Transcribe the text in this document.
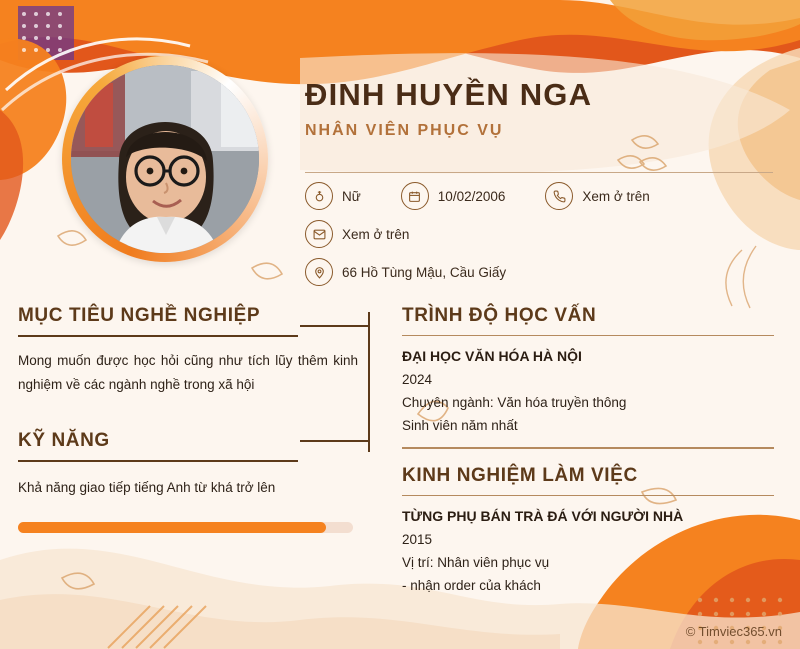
ĐINH HUYỀN NGA
NHÂN VIÊN PHỤC VỤ
Nữ	10/02/2006	Xem ở trên
Xem ở trên
66 Hồ Tùng Mậu, Cầu Giấy
MỤC TIÊU NGHỀ NGHIỆP

Mong muốn được học hỏi cũng như tích lũy thêm kinh nghiệm về các ngành nghề trong xã hội

KỸ NĂNG

Khả năng giao tiếp tiếng Anh từ khá trở lên

TRÌNH ĐỘ HỌC VẤN

ĐẠI HỌC VĂN HÓA HÀ NỘI

2024

Chuyên ngành: Văn hóa truyền thông

Sinh viên năm nhất

KINH NGHIỆM LÀM VIỆC

TỪNG PHỤ BÁN TRÀ ĐÁ VỚI NGƯỜI NHÀ

2015

Vị trí: Nhân viên phục vụ

- nhận order của khách

© Timviec365.vn
